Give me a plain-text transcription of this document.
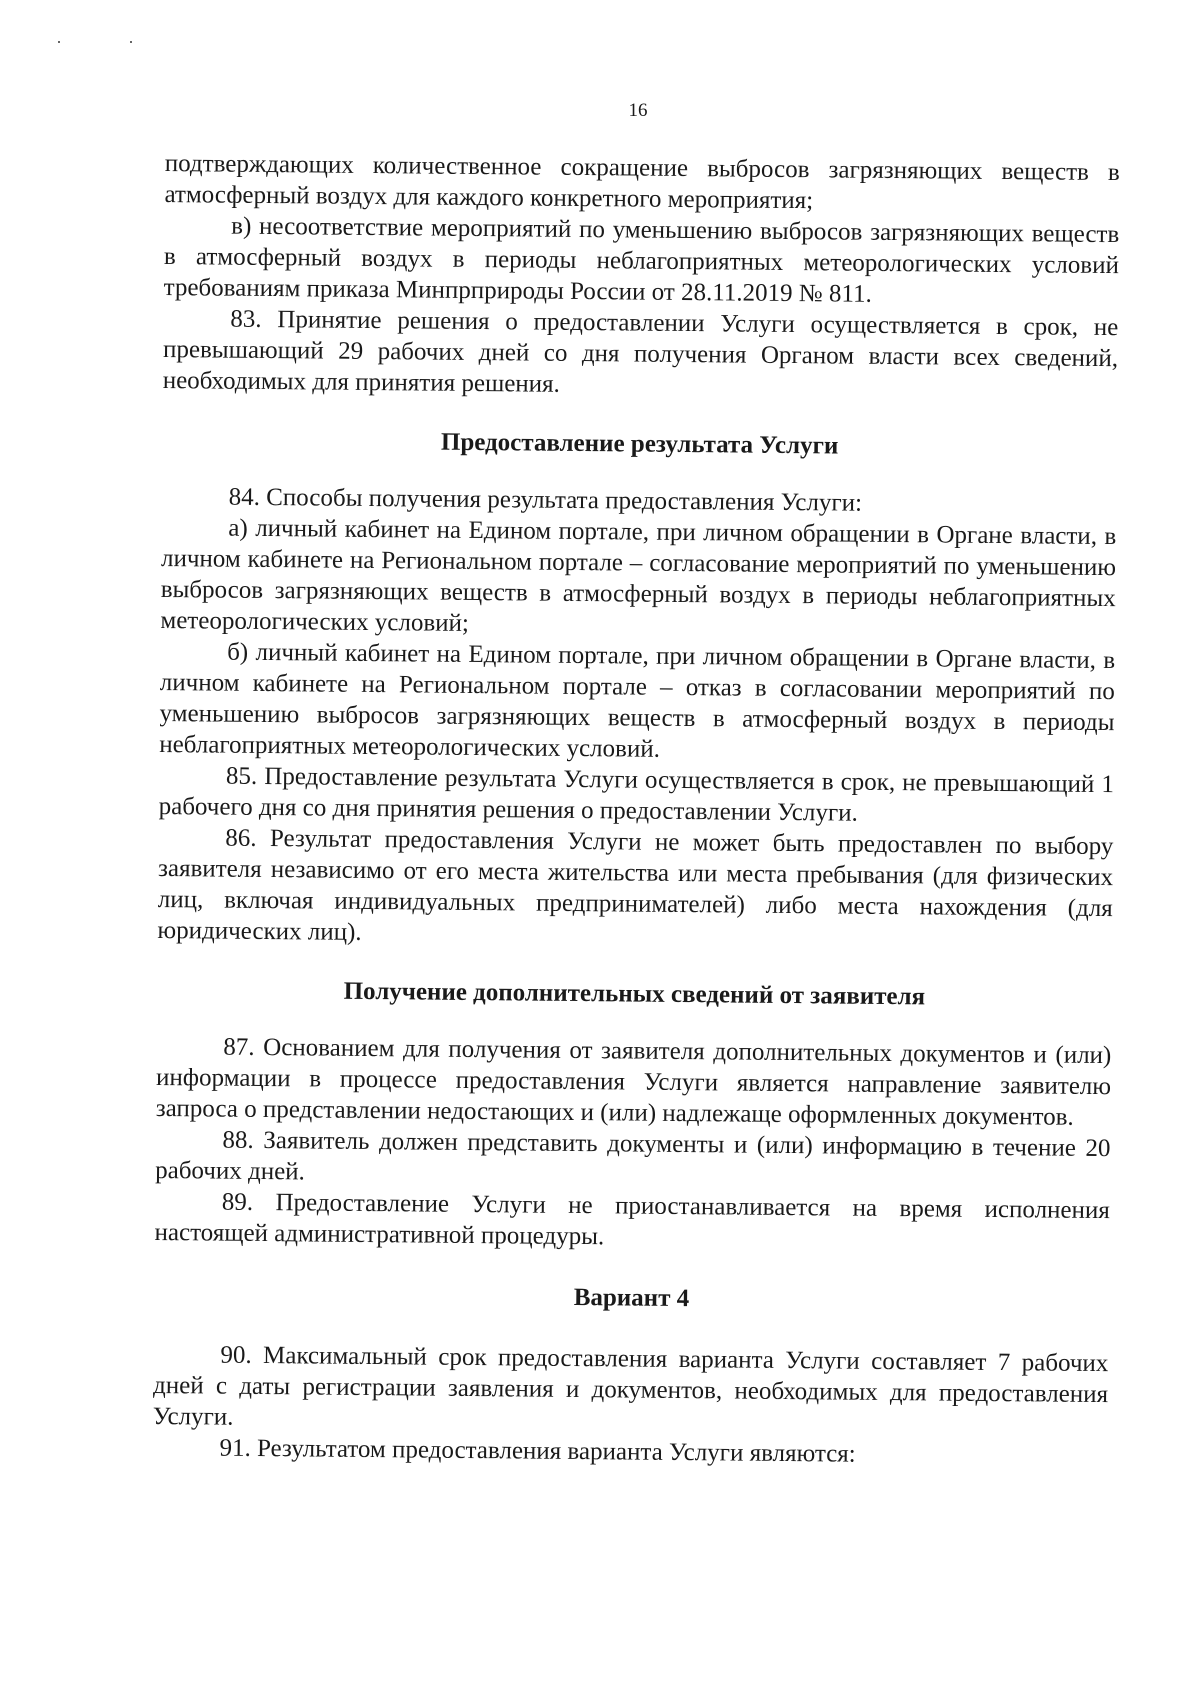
16

подтверждающих количественное сокращение выбросов загрязняющих веществ в атмосферный воздух для каждого конкретного мероприятия;

в) несоответствие мероприятий по уменьшению выбросов загрязняющих веществ в атмосферный воздух в периоды неблагоприятных метеорологических условий требованиям приказа Минпрприроды России от 28.11.2019 № 811.

83. Принятие решения о предоставлении Услуги осуществляется в срок, не превышающий 29 рабочих дней со дня получения Органом власти всех сведений, необходимых для принятия решения.

Предоставление результата Услуги

84. Способы получения результата предоставления Услуги:

а) личный кабинет на Едином портале, при личном обращении в Органе власти, в личном кабинете на Региональном портале – согласование мероприятий по уменьшению выбросов загрязняющих веществ в атмосферный воздух в периоды неблагоприятных метеорологических условий;

б) личный кабинет на Едином портале, при личном обращении в Органе власти, в личном кабинете на Региональном портале – отказ в согласовании мероприятий по уменьшению выбросов загрязняющих веществ в атмосферный воздух в периоды неблагоприятных метеорологических условий.

85. Предоставление результата Услуги осуществляется в срок, не превышающий 1 рабочего дня со дня принятия решения о предоставлении Услуги.

86. Результат предоставления Услуги не может быть предоставлен по выбору заявителя независимо от его места жительства или места пребывания (для физических лиц, включая индивидуальных предпринимателей) либо места нахождения (для юридических лиц).

Получение дополнительных сведений от заявителя

87. Основанием для получения от заявителя дополнительных документов и (или) информации в процессе предоставления Услуги является направление заявителю запроса о представлении недостающих и (или) надлежаще оформленных документов.

88. Заявитель должен представить документы и (или) информацию в течение 20 рабочих дней.

89. Предоставление Услуги не приостанавливается на время исполнения настоящей административной процедуры.

Вариант 4

90. Максимальный срок предоставления варианта Услуги составляет 7 рабочих дней с даты регистрации заявления и документов, необходимых для предоставления Услуги.

91. Результатом предоставления варианта Услуги являются:
